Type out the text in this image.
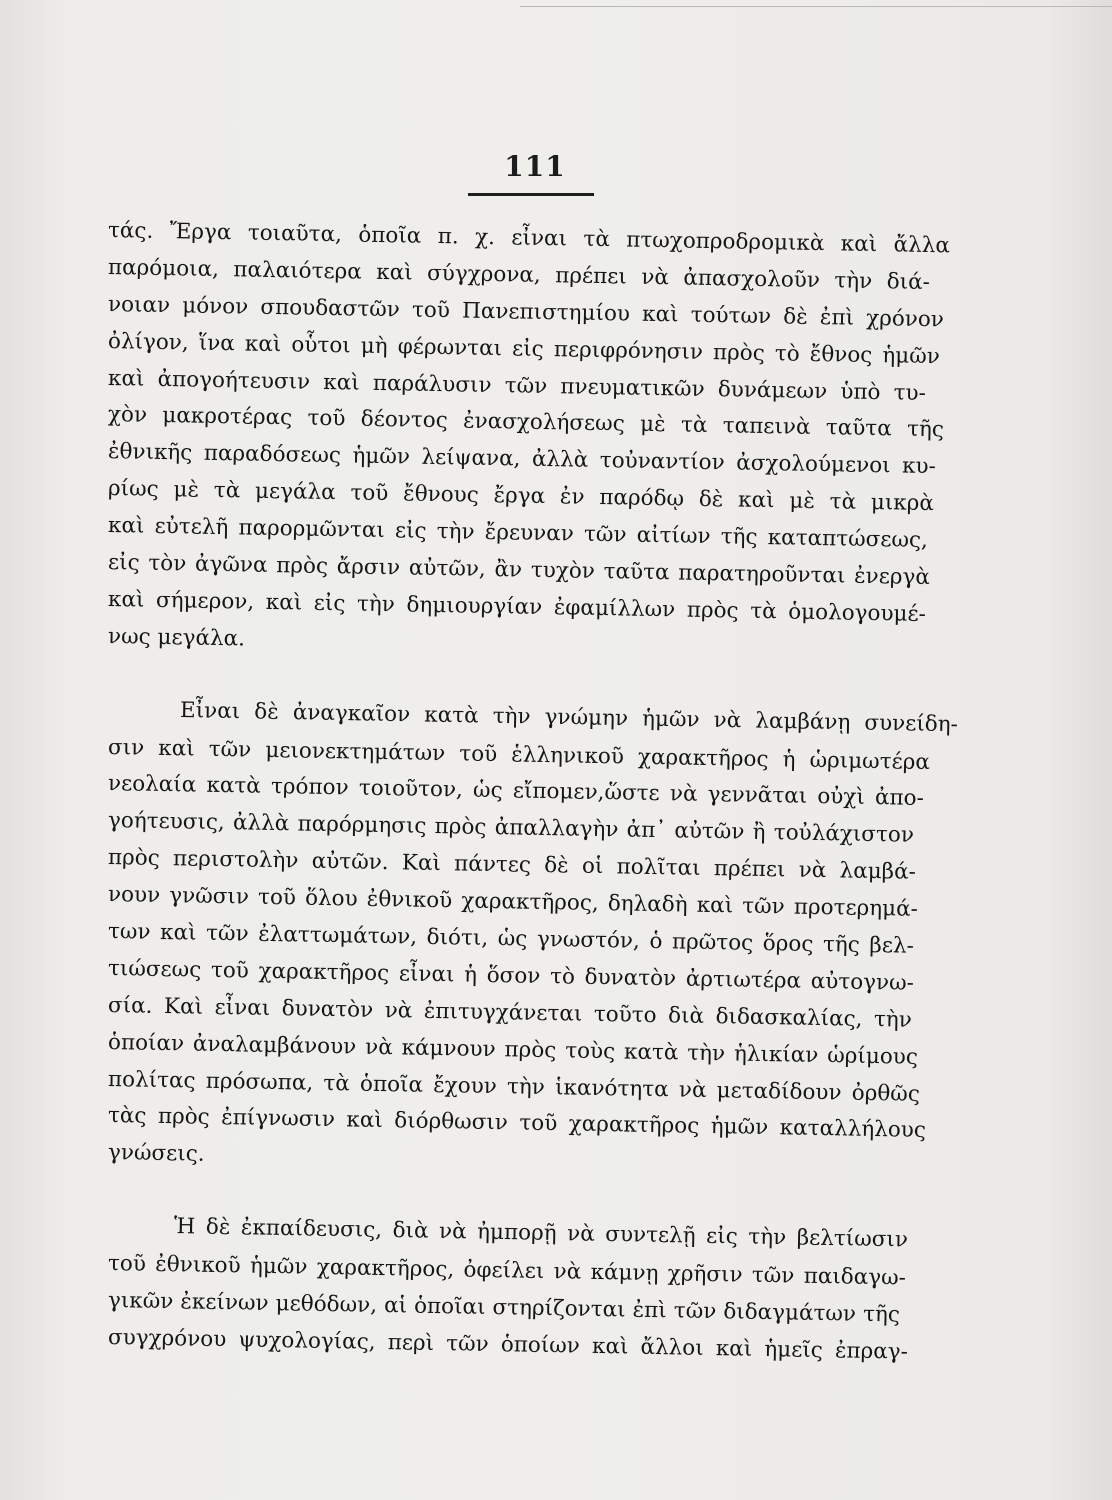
111
τάς. Ἔργα τοιαῦτα, ὁποῖα π. χ. εἶναι τὰ πτωχοπροδρομικὰ καὶ ἄλλα
παρόμοια, παλαιότερα καὶ σύγχρονα, πρέπει νὰ ἀπασχολοῦν τὴν διά-
νοιαν μόνον σπουδαστῶν τοῦ Πανεπιστημίου καὶ τούτων δὲ ἐπὶ χρόνον
ὀλίγον, ἵνα καὶ οὗτοι μὴ φέρωνται εἰς περιφρόνησιν πρὸς τὸ ἔθνος ἡμῶν
καὶ ἀπογοήτευσιν καὶ παράλυσιν τῶν πνευματικῶν δυνάμεων ὑπὸ τυ-
χὸν μακροτέρας τοῦ δέοντος ἐνασχολήσεως μὲ τὰ ταπεινὰ ταῦτα τῆς
ἐθνικῆς παραδόσεως ἡμῶν λείψανα, ἀλλὰ τοὐναντίον ἀσχολούμενοι κυ-
ρίως μὲ τὰ μεγάλα τοῦ ἔθνους ἔργα ἐν παρόδῳ δὲ καὶ μὲ τὰ μικρὰ
καὶ εὐτελῆ παρορμῶνται εἰς τὴν ἔρευναν τῶν αἰτίων τῆς καταπτώσεως,
εἰς τὸν ἀγῶνα πρὸς ἄρσιν αὐτῶν, ἂν τυχὸν ταῦτα παρατηροῦνται ἐνεργὰ
καὶ σήμερον, καὶ εἰς τὴν δημιουργίαν ἐφαμίλλων πρὸς τὰ ὁμολογουμέ-
νως μεγάλα.
Εἶναι δὲ ἀναγκαῖον κατὰ τὴν γνώμην ἡμῶν νὰ λαμβάνῃ συνείδη-
σιν καὶ τῶν μειονεκτημάτων τοῦ ἑλληνικοῦ χαρακτῆρος ἡ ὡριμωτέρα
νεολαία κατὰ τρόπον τοιοῦτον, ὡς εἴπομεν,ὥστε νὰ γεννᾶται οὐχὶ ἀπο-
γοήτευσις, ἀλλὰ παρόρμησις πρὸς ἀπαλλαγὴν ἀπ᾿ αὐτῶν ἢ τοὐλάχιστον
πρὸς περιστολὴν αὐτῶν. Καὶ πάντες δὲ οἱ πολῖται πρέπει νὰ λαμβά-
νουν γνῶσιν τοῦ ὅλου ἐθνικοῦ χαρακτῆρος, δηλαδὴ καὶ τῶν προτερημά-
των καὶ τῶν ἐλαττωμάτων, διότι, ὡς γνωστόν, ὁ πρῶτος ὅρος τῆς βελ-
τιώσεως τοῦ χαρακτῆρος εἶναι ἡ ὅσον τὸ δυνατὸν ἀρτιωτέρα αὐτογνω-
σία. Καὶ εἶναι δυνατὸν νὰ ἐπιτυγχάνεται τοῦτο διὰ διδασκαλίας, τὴν
ὁποίαν ἀναλαμβάνουν νὰ κάμνουν πρὸς τοὺς κατὰ τὴν ἡλικίαν ὡρίμους
πολίτας πρόσωπα, τὰ ὁποῖα ἔχουν τὴν ἱκανότητα νὰ μεταδίδουν ὀρθῶς
τὰς πρὸς ἐπίγνωσιν καὶ διόρθωσιν τοῦ χαρακτῆρος ἡμῶν καταλλήλους
γνώσεις.
Ἡ δὲ ἐκπαίδευσις, διὰ νὰ ἠμπορῇ νὰ συντελῇ εἰς τὴν βελτίωσιν
τοῦ ἐθνικοῦ ἡμῶν χαρακτῆρος, ὀφείλει νὰ κάμνῃ χρῆσιν τῶν παιδαγω-
γικῶν ἐκείνων μεθόδων, αἱ ὁποῖαι στηρίζονται ἐπὶ τῶν διδαγμάτων τῆς
συγχρόνου ψυχολογίας, περὶ τῶν ὁποίων καὶ ἄλλοι καὶ ἡμεῖς ἐπραγ-
